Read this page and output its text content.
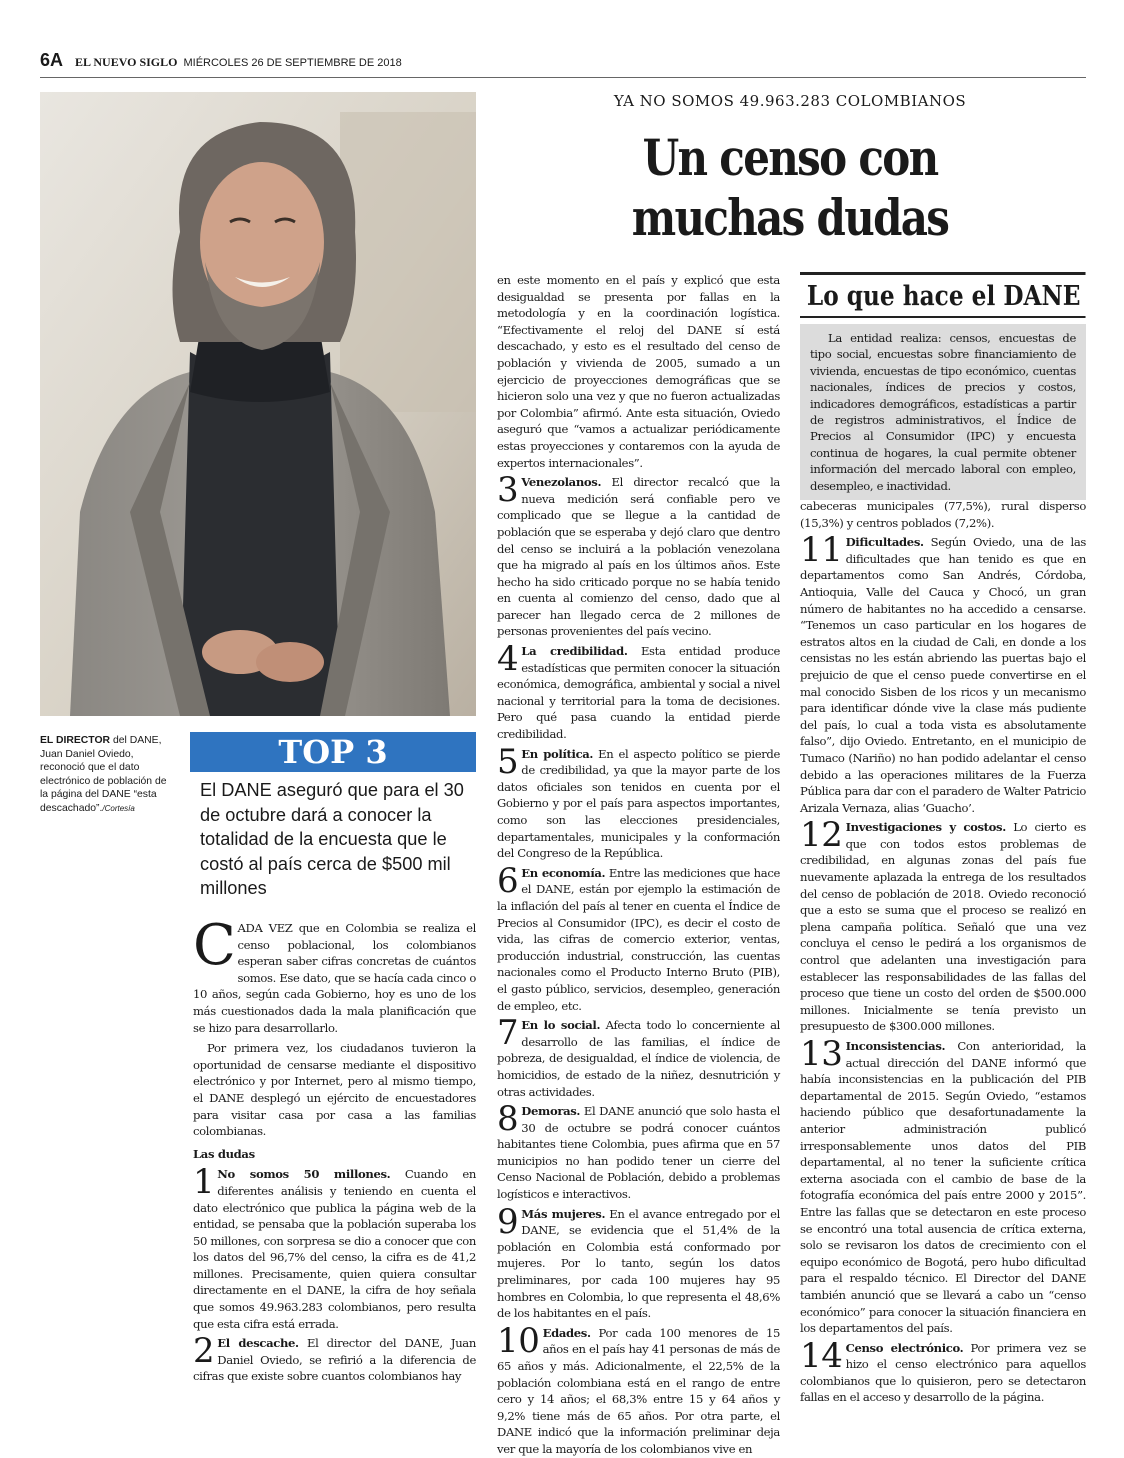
6A EL NUEVO SIGLO MIÉRCOLES 26 DE SEPTIEMBRE DE 2018
EL DIRECTOR del DANE, Juan Daniel Oviedo, reconoció que el dato electrónico de población de la página del DANE “esta descachado”./Cortesía
TOP 3
El DANE aseguró que para el 30 de octubre dará a conocer la totalidad de la encuesta que le costó al país cerca de $500 mil millones
YA NO SOMOS 49.963.283 COLOMBIANOS
Un censo con
muchas dudas

CADA VEZ que en Colombia se realiza el censo poblacional, los colombianos esperan saber cifras concretas de cuántos somos. Ese dato, que se hacía cada cinco o 10 años, según cada Gobierno, hoy es uno de los más cuestionados dada la mala planificación que se hizo para desarrollarlo.

Por primera vez, los ciudadanos tuvieron la oportunidad de censarse mediante el dispositivo electrónico y por Internet, pero al mismo tiempo, el DANE desplegó un ejército de encuestadores para visitar casa por casa a las familias colombianas.

Las dudas
1 No somos 50 millones. Cuando en diferentes análisis y teniendo en cuenta el dato electrónico que publica la página web de la entidad, se pensaba que la población superaba los 50 millones, con sorpresa se dio a conocer que con los datos del 96,7% del censo, la cifra es de 41,2 millones. Precisamente, quien quiera consultar directamente en el DANE, la cifra de hoy señala que somos 49.963.283 colombianos, pero resulta que esta cifra está errada.
2 El descache. El director del DANE, Juan Daniel Oviedo, se refirió a la diferencia de cifras que existe sobre cuantos colombianos hay

en este momento en el país y explicó que esta desigualdad se presenta por fallas en la metodología y en la coordinación logística. “Efectivamente el reloj del DANE sí está descachado, y esto es el resultado del censo de población y vivienda de 2005, sumado a un ejercicio de proyecciones demográficas que se hicieron solo una vez y que no fueron actualizadas por Colombia” afirmó. Ante esta situación, Oviedo aseguró que “vamos a actualizar periódicamente estas proyecciones y contaremos con la ayuda de expertos internacionales”.

3 Venezolanos. El director recalcó que la nueva medición será confiable pero ve complicado que se llegue a la cantidad de población que se esperaba y dejó claro que dentro del censo se incluirá a la población venezolana que ha migrado al país en los últimos años. Este hecho ha sido criticado porque no se había tenido en cuenta al comienzo del censo, dado que al parecer han llegado cerca de 2 millones de personas provenientes del país vecino.
4 La credibilidad. Esta entidad produce estadísticas que permiten conocer la situación económica, demográfica, ambiental y social a nivel nacional y territorial para la toma de decisiones. Pero qué pasa cuando la entidad pierde credibilidad.
5 En política. En el aspecto político se pierde de credibilidad, ya que la mayor parte de los datos oficiales son tenidos en cuenta por el Gobierno y por el país para aspectos importantes, como son las elecciones presidenciales, departamentales, municipales y la conformación del Congreso de la República.
6 En economía. Entre las mediciones que hace el DANE, están por ejemplo la estimación de la inflación del país al tener en cuenta el Índice de Precios al Consumidor (IPC), es decir el costo de vida, las cifras de comercio exterior, ventas, producción industrial, construcción, las cuentas nacionales como el Producto Interno Bruto (PIB), el gasto público, servicios, desempleo, generación de empleo, etc.
7 En lo social. Afecta todo lo concerniente al desarrollo de las familias, el índice de pobreza, de desigualdad, el índice de violencia, de homicidios, de estado de la niñez, desnutrición y otras actividades.
8 Demoras. El DANE anunció que solo hasta el 30 de octubre se podrá conocer cuántos habitantes tiene Colombia, pues afirma que en 57 municipios no han podido tener un cierre del Censo Nacional de Población, debido a problemas logísticos e interactivos.
9 Más mujeres. En el avance entregado por el DANE, se evidencia que el 51,4% de la población en Colombia está conformado por mujeres. Por lo tanto, según los datos preliminares, por cada 100 mujeres hay 95 hombres en Colombia, lo que representa el 48,6% de los habitantes en el país.
10 Edades. Por cada 100 menores de 15 años en el país hay 41 personas de más de 65 años y más. Adicionalmente, el 22,5% de la población colombiana está en el rango de entre cero y 14 años; el 68,3% entre 15 y 64 años y 9,2% tiene más de 65 años. Por otra parte, el DANE indicó que la información preliminar deja ver que la mayoría de los colombianos vive en
Lo que hace el DANE
La entidad realiza: censos, encuestas de tipo social, encuestas sobre financiamiento de vivienda, encuestas de tipo económico, cuentas nacionales, índices de precios y costos, indicadores demográficos, estadísticas a partir de registros administrativos, el Índice de Precios al Consumidor (IPC) y encuesta continua de hogares, la cual permite obtener información del mercado laboral con empleo, desempleo, e inactividad.

cabeceras municipales (77,5%), rural disperso (15,3%) y centros poblados (7,2%).

11 Dificultades. Según Oviedo, una de las dificultades que han tenido es que en departamentos como San Andrés, Córdoba, Antioquia, Valle del Cauca y Chocó, un gran número de habitantes no ha accedido a censarse. “Tenemos un caso particular en los hogares de estratos altos en la ciudad de Cali, en donde a los censistas no les están abriendo las puertas bajo el prejuicio de que el censo puede convertirse en el mal conocido Sisben de los ricos y un mecanismo para identificar dónde vive la clase más pudiente del país, lo cual a toda vista es absolutamente falso”, dijo Oviedo. Entretanto, en el municipio de Tumaco (Nariño) no han podido adelantar el censo debido a las operaciones militares de la Fuerza Pública para dar con el paradero de Walter Patricio Arizala Vernaza, alias ‘Guacho’.
12 Investigaciones y costos. Lo cierto es que con todos estos problemas de credibilidad, en algunas zonas del país fue nuevamente aplazada la entrega de los resultados del censo de población de 2018. Oviedo reconoció que a esto se suma que el proceso se realizó en plena campaña política. Señaló que una vez concluya el censo le pedirá a los organismos de control que adelanten una investigación para establecer las responsabilidades de las fallas del proceso que tiene un costo del orden de $500.000 millones. Inicialmente se tenía previsto un presupuesto de $300.000 millones.
13 Inconsistencias. Con anterioridad, la actual dirección del DANE informó que había inconsistencias en la publicación del PIB departamental de 2015. Según Oviedo, “estamos haciendo público que desafortunadamente la anterior administración publicó irresponsablemente unos datos del PIB departamental, al no tener la suficiente crítica externa asociada con el cambio de base de la fotografía económica del país entre 2000 y 2015”. Entre las fallas que se detectaron en este proceso se encontró una total ausencia de crítica externa, solo se revisaron los datos de crecimiento con el equipo económico de Bogotá, pero hubo dificultad para el respaldo técnico. El Director del DANE también anunció que se llevará a cabo un “censo económico” para conocer la situación financiera en los departamentos del país.
14 Censo electrónico. Por primera vez se hizo el censo electrónico para aquellos colombianos que lo quisieron, pero se detectaron fallas en el acceso y desarrollo de la página.
